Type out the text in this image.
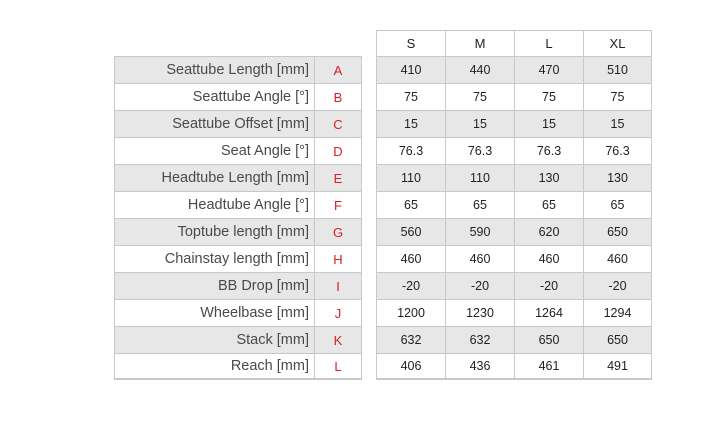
			S	M	L	XL
Seattube Length [mm]	A		410	440	470	510
Seattube Angle [°]	B		75	75	75	75
Seattube Offset [mm]	C		15	15	15	15
Seat Angle [°]	D		76.3	76.3	76.3	76.3
Headtube Length [mm]	E		110	110	130	130
Headtube Angle [°]	F		65	65	65	65
Toptube length [mm]	G		560	590	620	650
Chainstay length [mm]	H		460	460	460	460
BB Drop [mm]	I		-20	-20	-20	-20
Wheelbase [mm]	J		1200	1230	1264	1294
Stack [mm]	K		632	632	650	650
Reach [mm]	L		406	436	461	491
